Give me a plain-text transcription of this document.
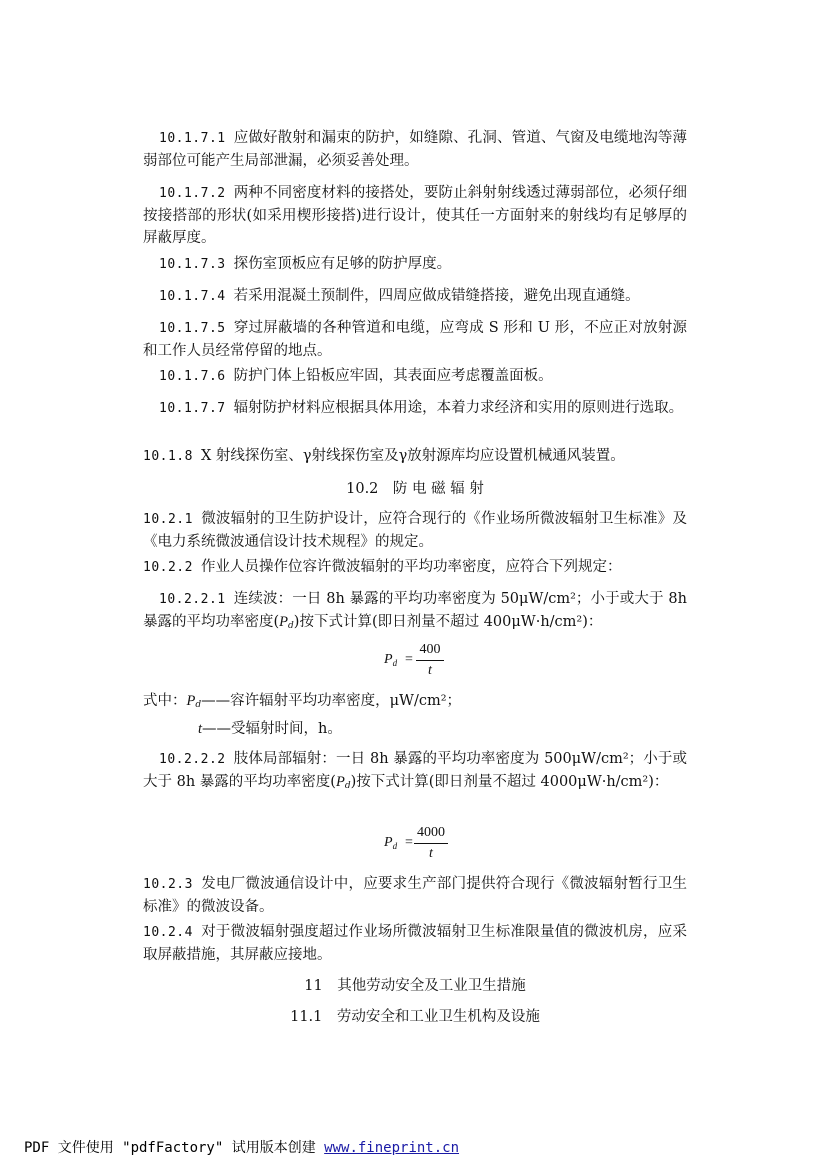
10.1.7.1 应做好散射和漏束的防护，如缝隙、孔洞、管道、气窗及电缆地沟等薄弱部位可能产生局部泄漏，必须妥善处理。
10.1.7.2 两种不同密度材料的接搭处，要防止斜射射线透过薄弱部位，必须仔细按接搭部的形状(如采用楔形接搭)进行设计，使其任一方面射来的射线均有足够厚的屏蔽厚度。
10.1.7.3 探伤室顶板应有足够的防护厚度。
10.1.7.4 若采用混凝土预制件，四周应做成错缝搭接，避免出现直通缝。
10.1.7.5 穿过屏蔽墙的各种管道和电缆，应弯成 S 形和 U 形，不应正对放射源和工作人员经常停留的地点。
10.1.7.6 防护门体上铅板应牢固，其表面应考虑覆盖面板。
10.1.7.7 辐射防护材料应根据具体用途，本着力求经济和实用的原则进行选取。
10.1.8 X 射线探伤室、γ射线探伤室及γ放射源库均应设置机械通风装置。
10.2　防 电 磁 辐 射
10.2.1 微波辐射的卫生防护设计，应符合现行的《作业场所微波辐射卫生标准》及《电力系统微波通信设计技术规程》的规定。
10.2.2 作业人员操作位容许微波辐射的平均功率密度，应符合下列规定：
10.2.2.1 连续波：一日 8h 暴露的平均功率密度为 50μW/cm²；小于或大于 8h 暴露的平均功率密度(Pd)按下式计算(即日剂量不超过 400μW·h/cm²)：
$P_d$ =
400
t
式中：Pd——容许辐射平均功率密度，μW/cm²；
t——受辐射时间，h。
10.2.2.2 肢体局部辐射：一日 8h 暴露的平均功率密度为 500μW/cm²；小于或大于 8h 暴露的平均功率密度(Pd)按下式计算(即日剂量不超过 4000μW·h/cm²)：
$P_d$ =
4000
t
10.2.3 发电厂微波通信设计中，应要求生产部门提供符合现行《微波辐射暂行卫生标准》的微波设备。
10.2.4 对于微波辐射强度超过作业场所微波辐射卫生标准限量值的微波机房，应采取屏蔽措施，其屏蔽应接地。
11　其他劳动安全及工业卫生措施
11.1　劳动安全和工业卫生机构及设施
PDF 文件使用 "pdfFactory" 试用版本创建 www.fineprint.cn
